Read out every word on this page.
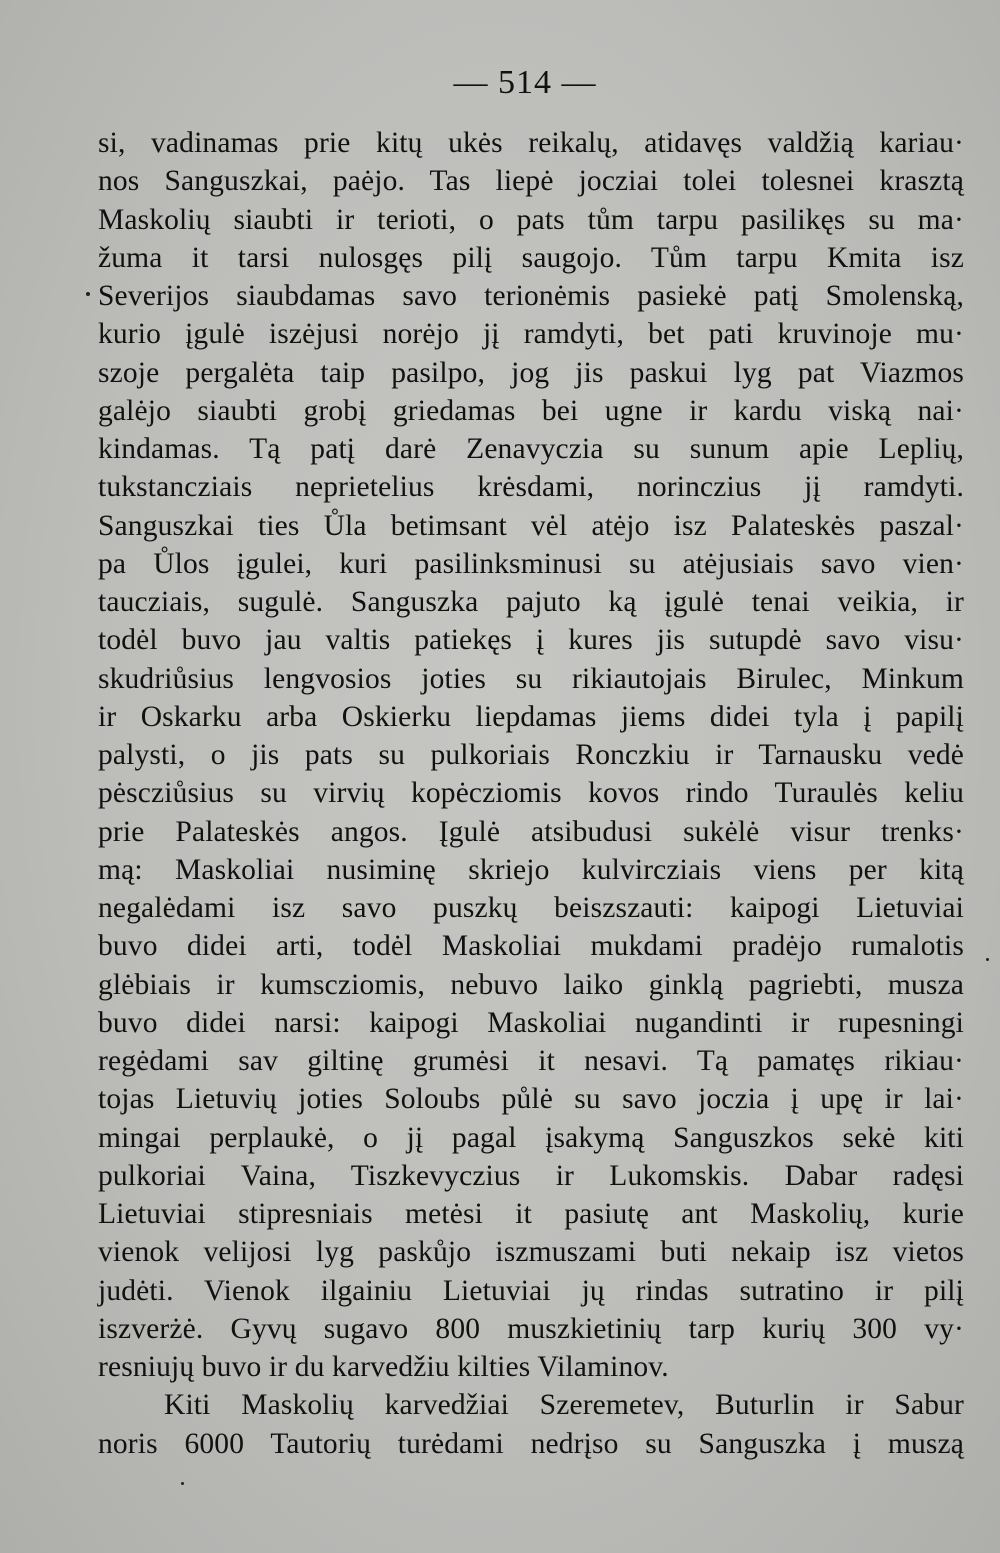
— 514 —
si, vadinamas prie kitų ukės reikalų, atidavęs valdžią kariau·
nos Sanguszkai, paėjo. Tas liepė jocziai tolei tolesnei krasztą
Maskolių siaubti ir terioti, o pats tům tarpu pasilikęs su ma·
žuma it tarsi nulosgęs pilį saugojo. Tům tarpu Kmita isz
Severijos siaubdamas savo terionėmis pasiekė patį Smolenską,
kurio įgulė iszėjusi norėjo jį ramdyti, bet pati kruvinoje mu·
szoje pergalėta taip pasilpo, jog jis paskui lyg pat Viazmos
galėjo siaubti grobį griedamas bei ugne ir kardu viską nai·
kindamas. Tą patį darė Zenavyczia su sunum apie Leplių,
tukstancziais neprietelius krėsdami, norinczius jį ramdyti.
Sanguszkai ties Ůla betimsant vėl atėjo isz Palateskės paszal·
pa Ůlos įgulei, kuri pasilinksminusi su atėjusiais savo vien·
taucziais, sugulė. Sanguszka pajuto ką įgulė tenai veikia, ir
todėl buvo jau valtis patiekęs į kures jis sutupdė savo visu·
skudriůsius lengvosios joties su rikiautojais Birulec, Minkum
ir Oskarku arba Oskierku liepdamas jiems didei tyla į papilį
palysti, o jis pats su pulkoriais Ronczkiu ir Tarnausku vedė
pėscziůsius su virvių kopėcziomis kovos rindo Turaulės keliu
prie Palateskės angos. Įgulė atsibudusi sukėlė visur trenks·
mą: Maskoliai nusiminę skriejo kulvircziais viens per kitą
negalėdami isz savo puszkų beiszszauti: kaipogi Lietuviai
buvo didei arti, todėl Maskoliai mukdami pradėjo rumalotis
glėbiais ir kumscziomis, nebuvo laiko ginklą pagriebti, musza
buvo didei narsi: kaipogi Maskoliai nugandinti ir rupesningi
regėdami sav giltinę grumėsi it nesavi. Tą pamatęs rikiau·
tojas Lietuvių joties Soloubs půlė su savo joczia į upę ir lai·
mingai perplaukė, o jį pagal įsakymą Sanguszkos sekė kiti
pulkoriai Vaina, Tiszkevyczius ir Lukomskis. Dabar radęsi
Lietuviai stipresniais metėsi it pasiutę ant Maskolių, kurie
vienok velijosi lyg paskůjo iszmuszami buti nekaip isz vietos
judėti. Vienok ilgainiu Lietuviai jų rindas sutratino ir pilį
iszverżė. Gyvų sugavo 800 muszkietinių tarp kurių 300 vy·
resniujų buvo ir du karvedžiu kilties Vilaminov.
Kiti Maskolių karvedžiai Szeremetev, Buturlin ir Sabur
noris 6000 Tautorių turėdami nedrįso su Sanguszka į muszą
